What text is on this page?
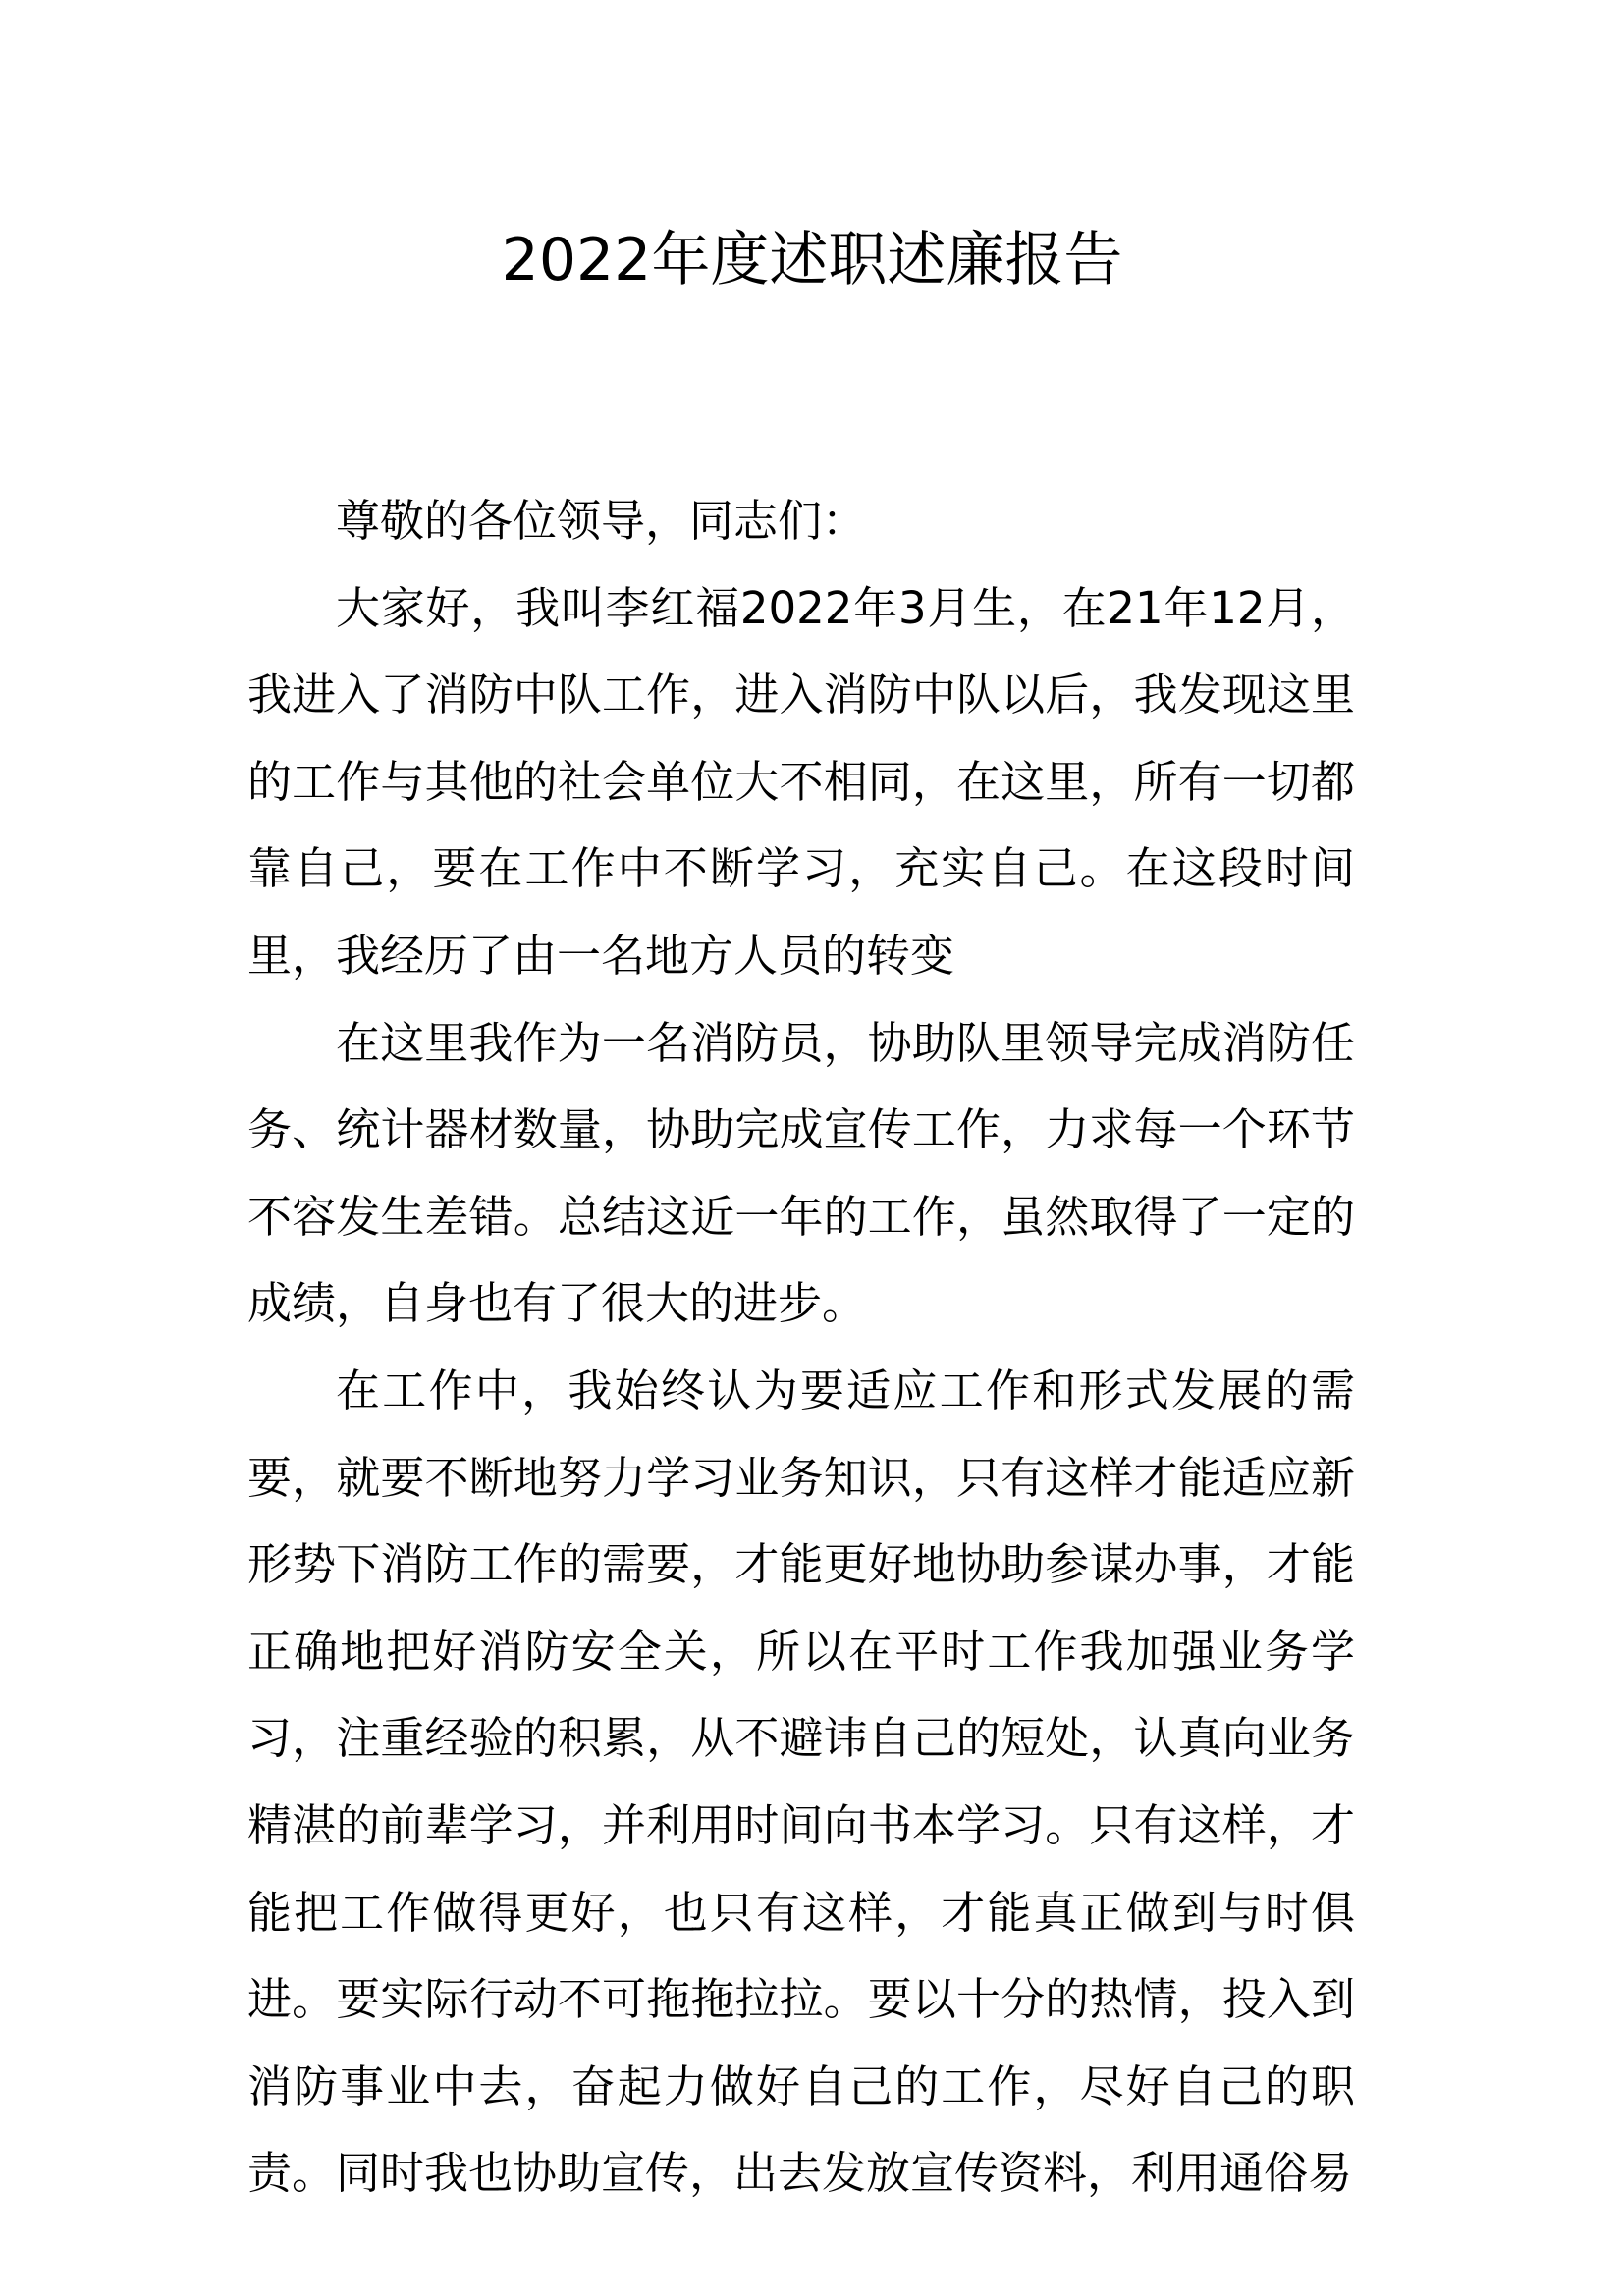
2022年度述职述廉报告

尊敬的各位领导，同志们：

大家好，我叫李红福2022年3月生，在21年12月，我进入了消防中队工作，进入消防中队以后，我发现这里的工作与其他的社会单位大不相同，在这里，所有一切都靠自己，要在工作中不断学习，充实自己。在这段时间里，我经历了由一名地方人员的转变

在这里我作为一名消防员，协助队里领导完成消防任务、统计器材数量，协助完成宣传工作，力求每一个环节不容发生差错。总结这近一年的工作，虽然取得了一定的成绩，自身也有了很大的进步。

在工作中，我始终认为要适应工作和形式发展的需要，就要不断地努力学习业务知识，只有这样才能适应新形势下消防工作的需要，才能更好地协助参谋办事，才能正确地把好消防安全关，所以在平时工作我加强业务学习，注重经验的积累，从不避讳自己的短处，认真向业务精湛的前辈学习，并利用时间向书本学习。只有这样，才能把工作做得更好，也只有这样，才能真正做到与时俱进。要实际行动不可拖拖拉拉。要以十分的热情，投入到消防事业中去，奋起力做好自己的工作，尽好自己的职责。同时我也协助宣传，出去发放宣传资料，利用通俗易
